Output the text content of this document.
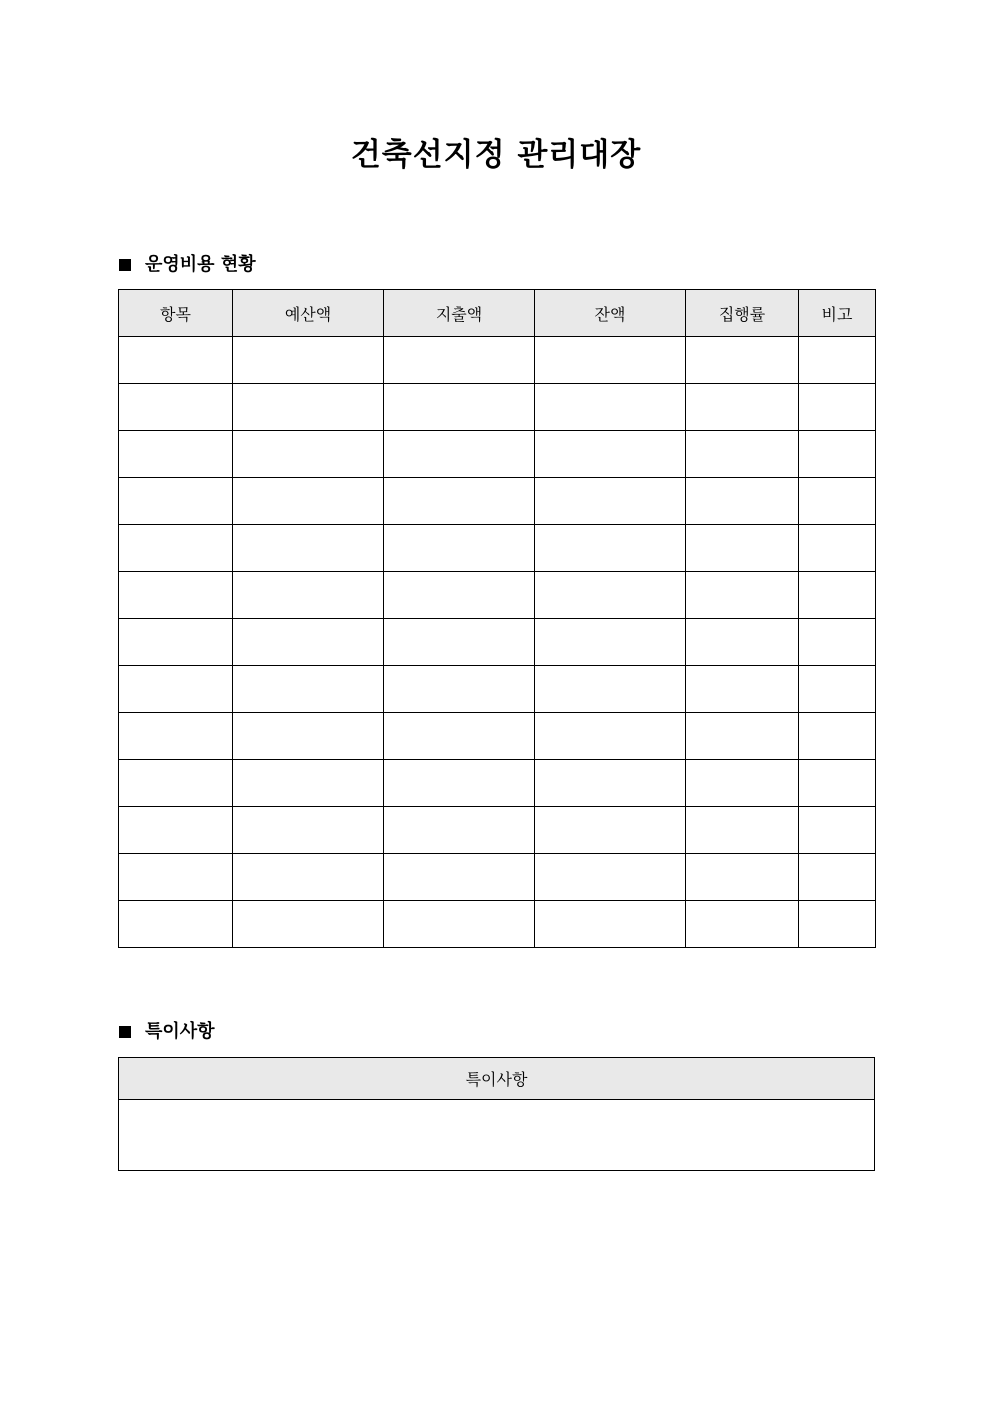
건축선지정 관리대장
운영비용 현황
항목	예산액	지출액	잔액	집행률	비고

특이사항
특이사항
